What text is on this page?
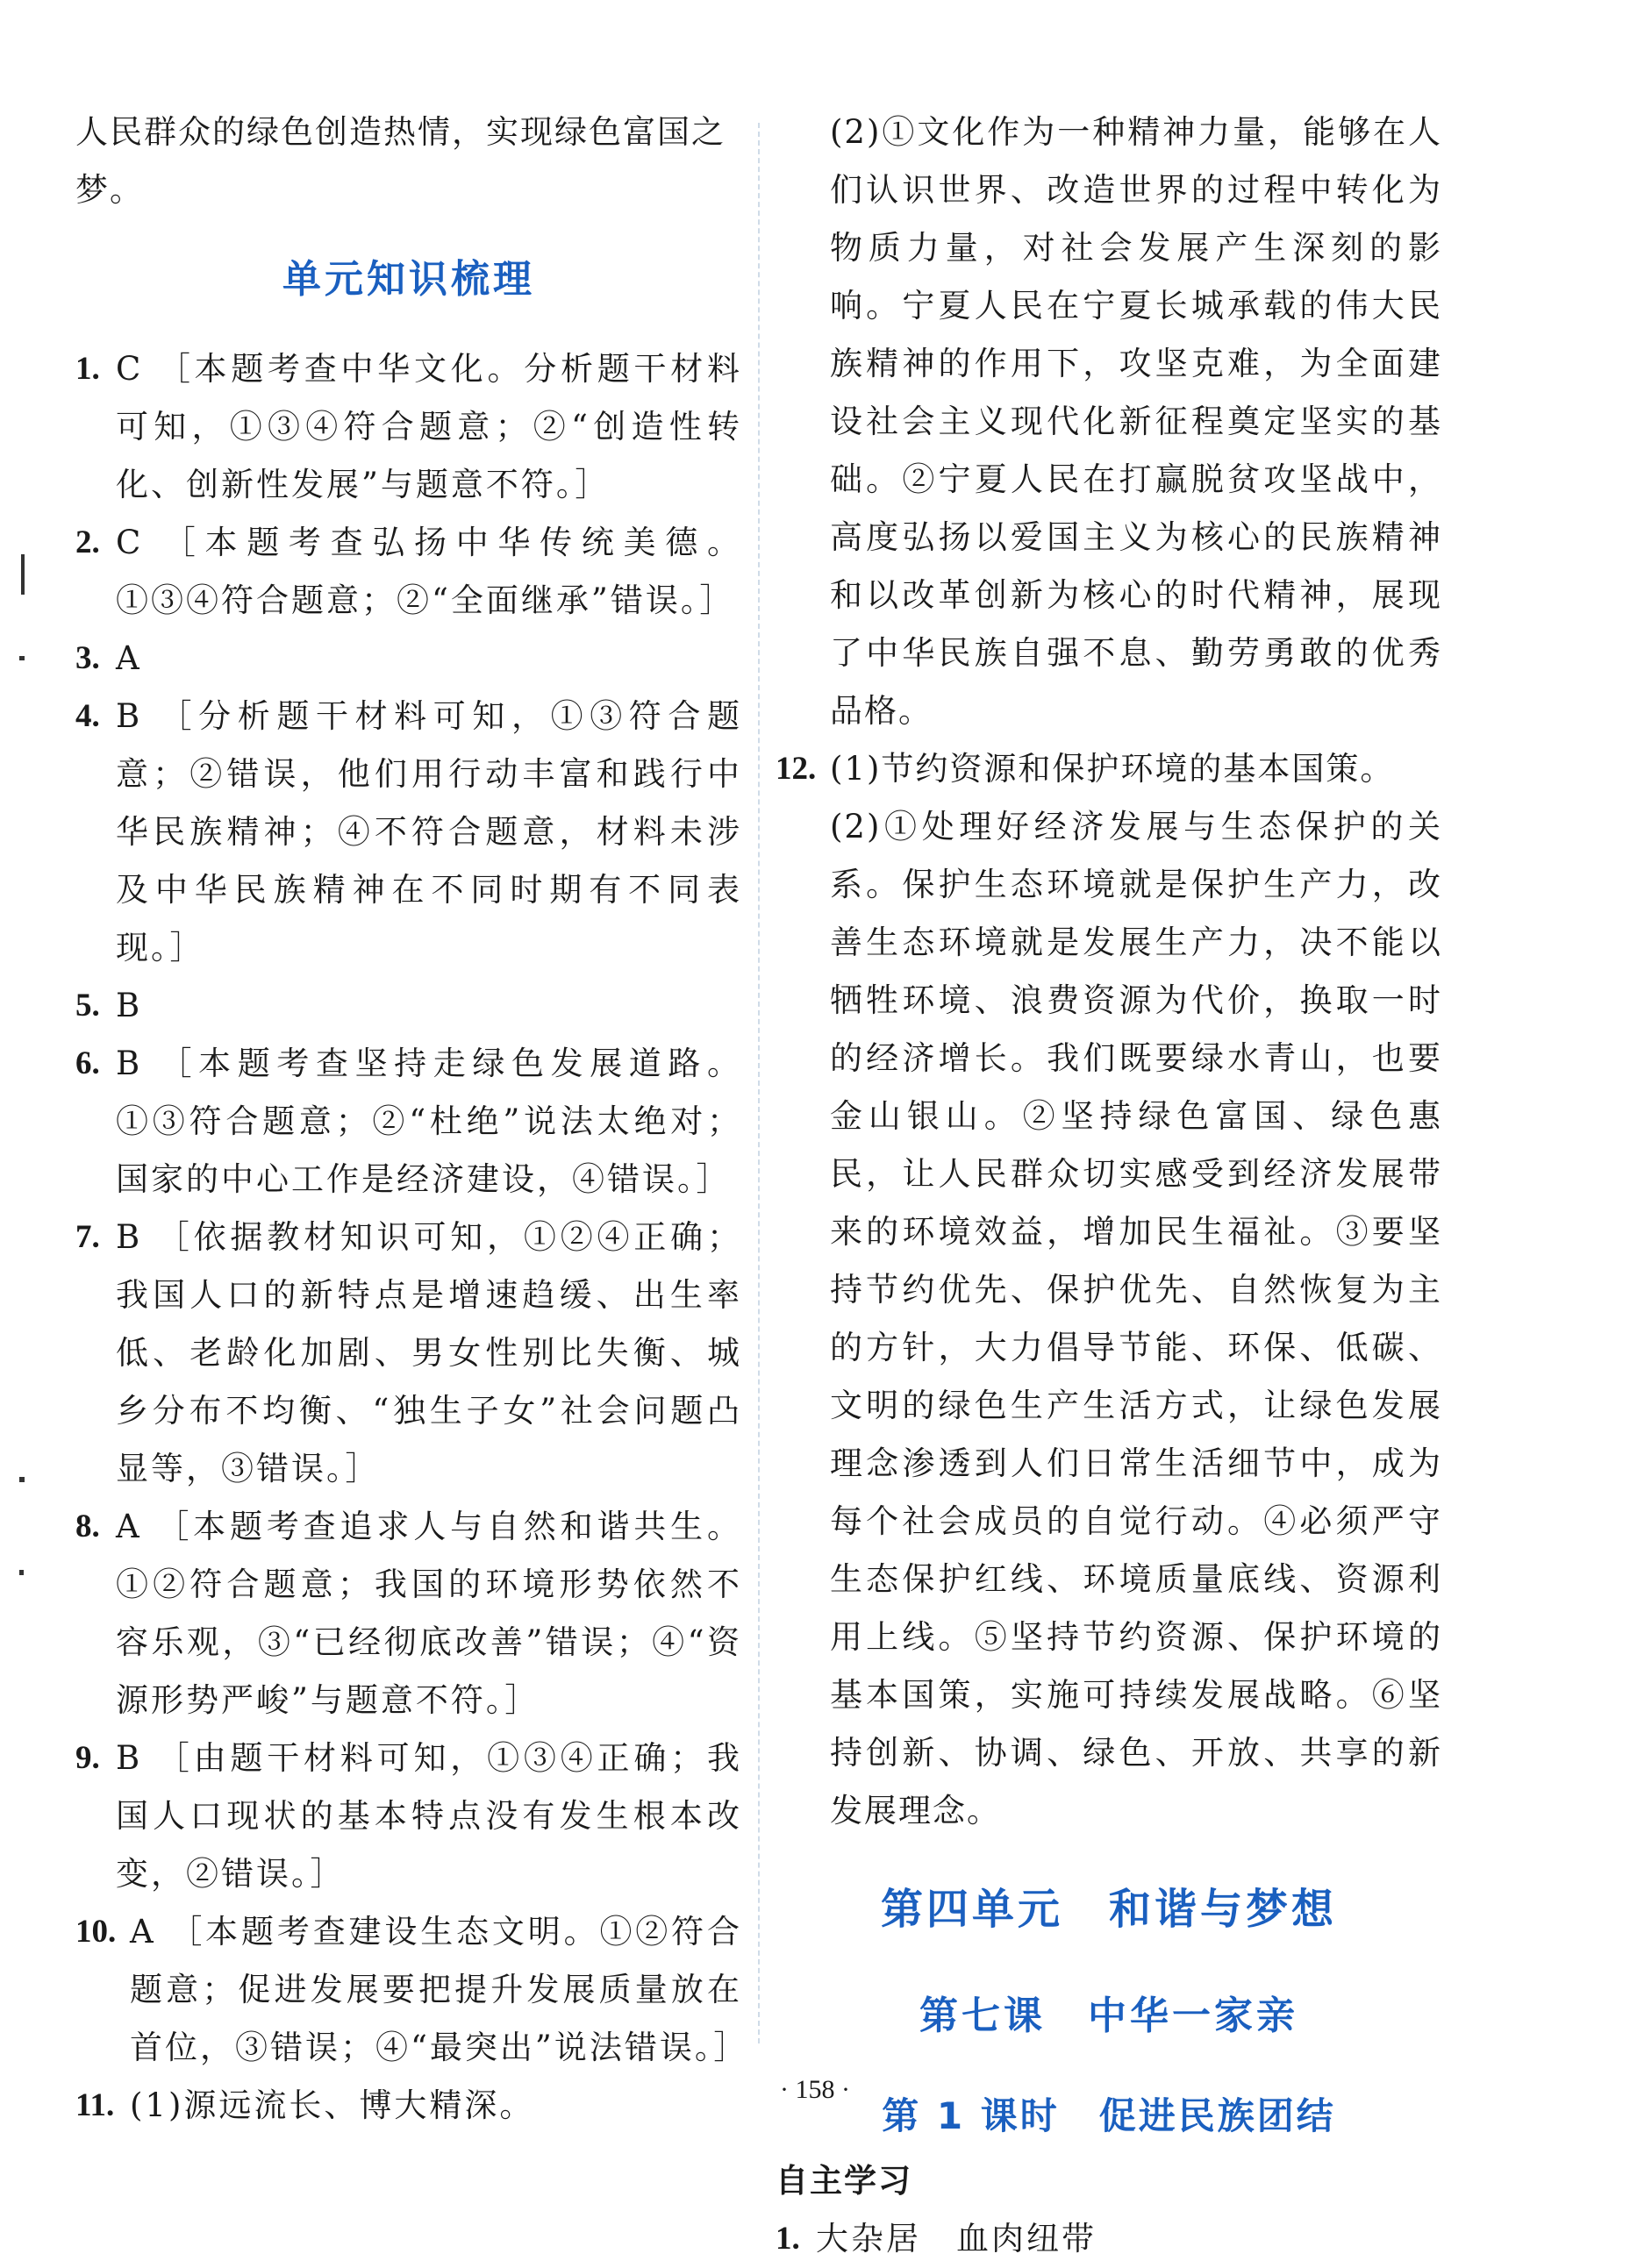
人民群众的绿色创造热情，实现绿色富国之梦。

单元知识梳理
1. C ［本题考查中华文化。分析题干材料可知，①③④符合题意；②“创造性转化、创新性发展”与题意不符。］
2. C ［本题考查弘扬中华传统美德。①③④符合题意；②“全面继承”错误。］
3. A
4. B ［分析题干材料可知，①③符合题意；②错误，他们用行动丰富和践行中华民族精神；④不符合题意，材料未涉及中华民族精神在不同时期有不同表现。］
5. B
6. B ［本题考查坚持走绿色发展道路。①③符合题意；②“杜绝”说法太绝对；国家的中心工作是经济建设，④错误。］
7. B ［依据教材知识可知，①②④正确；我国人口的新特点是增速趋缓、出生率低、老龄化加剧、男女性别比失衡、城乡分布不均衡、“独生子女”社会问题凸显等，③错误。］
8. A ［本题考查追求人与自然和谐共生。①②符合题意；我国的环境形势依然不容乐观，③“已经彻底改善”错误；④“资源形势严峻”与题意不符。］
9. B ［由题干材料可知，①③④正确；我国人口现状的基本特点没有发生根本改变，②错误。］
10. A ［本题考查建设生态文明。①②符合题意；促进发展要把提升发展质量放在首位，③错误；④“最突出”说法错误。］
11. (1)源远流长、博大精深。

(2)①文化作为一种精神力量，能够在人们认识世界、改造世界的过程中转化为物质力量，对社会发展产生深刻的影响。宁夏人民在宁夏长城承载的伟大民族精神的作用下，攻坚克难，为全面建设社会主义现代化新征程奠定坚实的基础。②宁夏人民在打赢脱贫攻坚战中，高度弘扬以爱国主义为核心的民族精神和以改革创新为核心的时代精神，展现了中华民族自强不息、勤劳勇敢的优秀品格。

12. (1)节约资源和保护环境的基本国策。

(2)①处理好经济发展与生态保护的关系。保护生态环境就是保护生产力，改善生态环境就是发展生产力，决不能以牺牲环境、浪费资源为代价，换取一时的经济增长。我们既要绿水青山，也要金山银山。②坚持绿色富国、绿色惠民，让人民群众切实感受到经济发展带来的环境效益，增加民生福祉。③要坚持节约优先、保护优先、自然恢复为主的方针，大力倡导节能、环保、低碳、文明的绿色生产生活方式，让绿色发展理念渗透到人们日常生活细节中，成为每个社会成员的自觉行动。④必须严守生态保护红线、环境质量底线、资源利用上线。⑤坚持节约资源、保护环境的基本国策，实施可持续发展战略。⑥坚持创新、协调、绿色、开放、共享的新发展理念。

第四单元　和谐与梦想
第七课　中华一家亲
第 1 课时　促进民族团结

自主学习

1. 大杂居　血肉纽带
· 158 ·
